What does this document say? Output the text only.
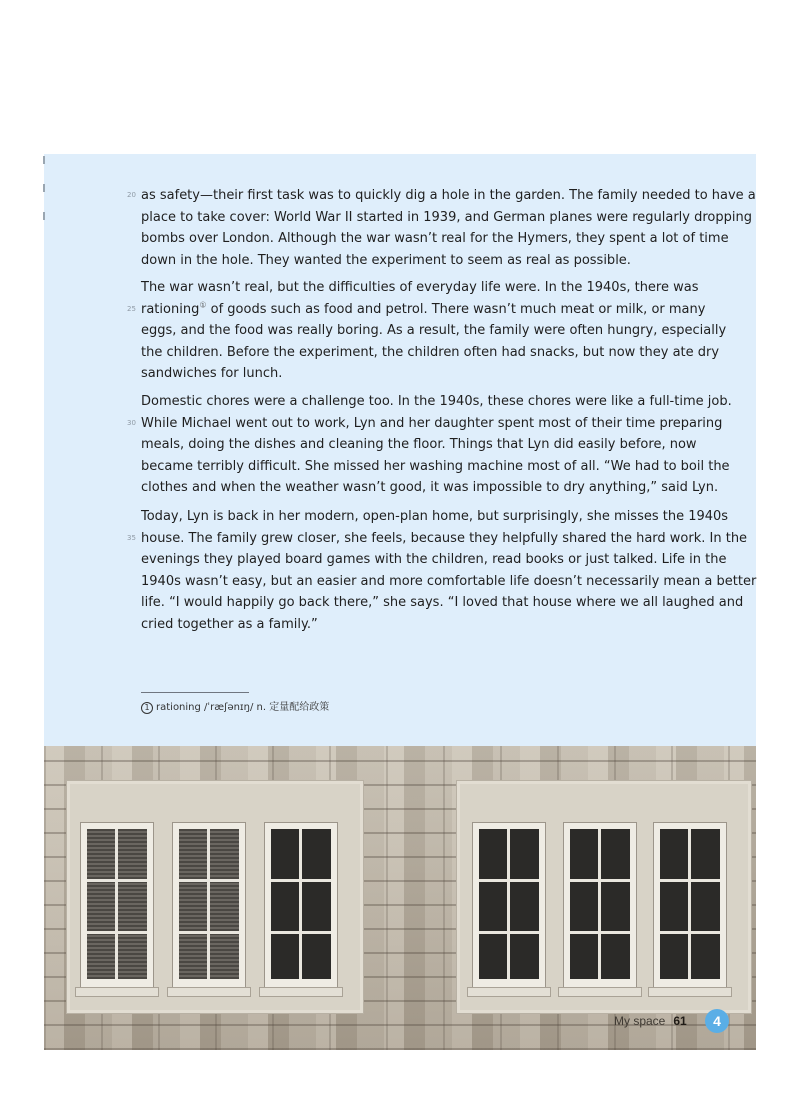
20 as safety—their first task was to quickly dig a hole in the garden. The family needed to have a
place to take cover: World War II started in 1939, and German planes were regularly dropping
bombs over London. Although the war wasn’t real for the Hymers, they spent a lot of time
down in the hole. They wanted the experiment to seem as real as possible.
25
The war wasn’t real, but the difficulties of everyday life were. In the 1940s, there was
rationing① of goods such as food and petrol. There wasn’t much meat or milk, or many
eggs, and the food was really boring. As a result, the family were often hungry, especially
the children. Before the experiment, the children often had snacks, but now they ate dry
sandwiches for lunch.
30
Domestic chores were a challenge too. In the 1940s, these chores were like a full-time job.
While Michael went out to work, Lyn and her daughter spent most of their time preparing
meals, doing the dishes and cleaning the floor. Things that Lyn did easily before, now
became terribly difficult. She missed her washing machine most of all. “We had to boil the
clothes and when the weather wasn’t good, it was impossible to dry anything,” said Lyn.
35
Today, Lyn is back in her modern, open-plan home, but surprisingly, she misses the 1940s
house. The family grew closer, she feels, because they helpfully shared the hard work. In the
evenings they played board games with the children, read books or just talked. Life in the
1940s wasn’t easy, but an easier and more comfortable life doesn’t necessarily mean a better
life. “I would happily go back there,” she says. “I loved that house where we all laughed and
cried together as a family.”
1 rationing /ˈræʃənɪŋ/ n. 定量配给政策
My space 61	4
